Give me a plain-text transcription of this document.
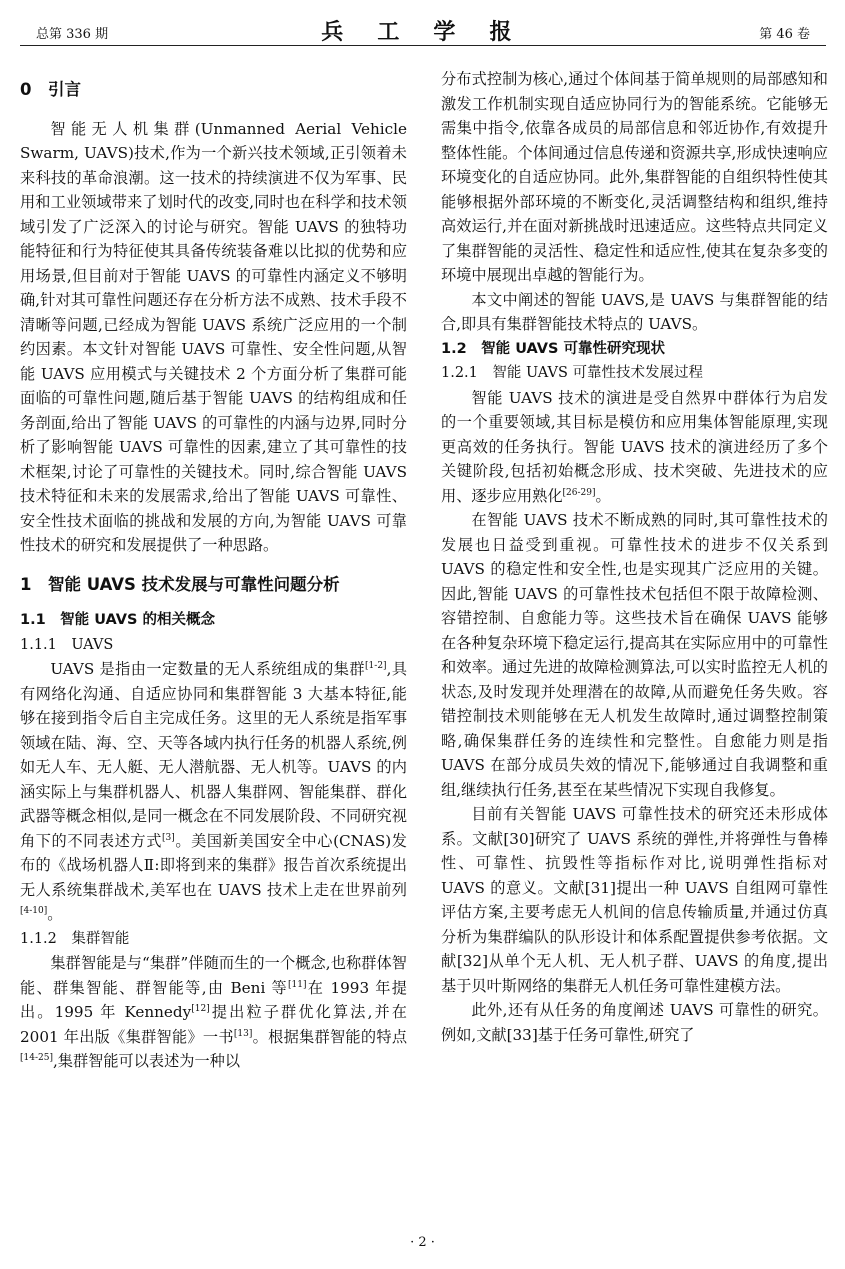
总第 336 期	兵 工 学 报	第 46 卷
0　引言

智能无人机集群(Unmanned Aerial Vehicle Swarm, UAVS)技术,作为一个新兴技术领域,正引领着未来科技的革命浪潮。这一技术的持续演进不仅为军事、民用和工业领域带来了划时代的改变,同时也在科学和技术领域引发了广泛深入的讨论与研究。智能 UAVS 的独特功能特征和行为特征使其具备传统装备难以比拟的优势和应用场景,但目前对于智能 UAVS 的可靠性内涵定义不够明确,针对其可靠性问题还存在分析方法不成熟、技术手段不清晰等问题,已经成为智能 UAVS 系统广泛应用的一个制约因素。本文针对智能 UAVS 可靠性、安全性问题,从智能 UAVS 应用模式与关键技术 2 个方面分析了集群可能面临的可靠性问题,随后基于智能 UAVS 的结构组成和任务剖面,给出了智能 UAVS 的可靠性的内涵与边界,同时分析了影响智能 UAVS 可靠性的因素,建立了其可靠性的技术框架,讨论了可靠性的关键技术。同时,综合智能 UAVS 技术特征和未来的发展需求,给出了智能 UAVS 可靠性、安全性技术面临的挑战和发展的方向,为智能 UAVS 可靠性技术的研究和发展提供了一种思路。

1　智能 UAVS 技术发展与可靠性问题分析
1.1　智能 UAVS 的相关概念
1.1.1　UAVS

UAVS 是指由一定数量的无人系统组成的集群[1-2],具有网络化沟通、自适应协同和集群智能 3 大基本特征,能够在接到指令后自主完成任务。这里的无人系统是指军事领域在陆、海、空、天等各域内执行任务的机器人系统,例如无人车、无人艇、无人潜航器、无人机等。UAVS 的内涵实际上与集群机器人、机器人集群网、智能集群、群化武器等概念相似,是同一概念在不同发展阶段、不同研究视角下的不同表述方式[3]。美国新美国安全中心(CNAS)发布的《战场机器人Ⅱ:即将到来的集群》报告首次系统提出无人系统集群战术,美军也在 UAVS 技术上走在世界前列[4-10]。

1.1.2　集群智能

集群智能是与“集群”伴随而生的一个概念,也称群体智能、群集智能、群智能等,由 Beni 等[11]在 1993 年提出。1995 年 Kennedy[12]提出粒子群优化算法,并在 2001 年出版《集群智能》一书[13]。根据集群智能的特点[14-25],集群智能可以表述为一种以

分布式控制为核心,通过个体间基于简单规则的局部感知和激发工作机制实现自适应协同行为的智能系统。它能够无需集中指令,依靠各成员的局部信息和邻近协作,有效提升整体性能。个体间通过信息传递和资源共享,形成快速响应环境变化的自适应协同。此外,集群智能的自组织特性使其能够根据外部环境的不断变化,灵活调整结构和组织,维持高效运行,并在面对新挑战时迅速适应。这些特点共同定义了集群智能的灵活性、稳定性和适应性,使其在复杂多变的环境中展现出卓越的智能行为。

本文中阐述的智能 UAVS,是 UAVS 与集群智能的结合,即具有集群智能技术特点的 UAVS。

1.2　智能 UAVS 可靠性研究现状
1.2.1　智能 UAVS 可靠性技术发展过程

智能 UAVS 技术的演进是受自然界中群体行为启发的一个重要领域,其目标是模仿和应用集体智能原理,实现更高效的任务执行。智能 UAVS 技术的演进经历了多个关键阶段,包括初始概念形成、技术突破、先进技术的应用、逐步应用熟化[26-29]。

在智能 UAVS 技术不断成熟的同时,其可靠性技术的发展也日益受到重视。可靠性技术的进步不仅关系到 UAVS 的稳定性和安全性,也是实现其广泛应用的关键。因此,智能 UAVS 的可靠性技术包括但不限于故障检测、容错控制、自愈能力等。这些技术旨在确保 UAVS 能够在各种复杂环境下稳定运行,提高其在实际应用中的可靠性和效率。通过先进的故障检测算法,可以实时监控无人机的状态,及时发现并处理潜在的故障,从而避免任务失败。容错控制技术则能够在无人机发生故障时,通过调整控制策略,确保集群任务的连续性和完整性。自愈能力则是指 UAVS 在部分成员失效的情况下,能够通过自我调整和重组,继续执行任务,甚至在某些情况下实现自我修复。

目前有关智能 UAVS 可靠性技术的研究还未形成体系。文献[30]研究了 UAVS 系统的弹性,并将弹性与鲁棒性、可靠性、抗毁性等指标作对比,说明弹性指标对 UAVS 的意义。文献[31]提出一种 UAVS 自组网可靠性评估方案,主要考虑无人机间的信息传输质量,并通过仿真分析为集群编队的队形设计和体系配置提供参考依据。文献[32]从单个无人机、无人机子群、UAVS 的角度,提出基于贝叶斯网络的集群无人机任务可靠性建模方法。

此外,还有从任务的角度阐述 UAVS 可靠性的研究。例如,文献[33]基于任务可靠性,研究了

· 2 ·
